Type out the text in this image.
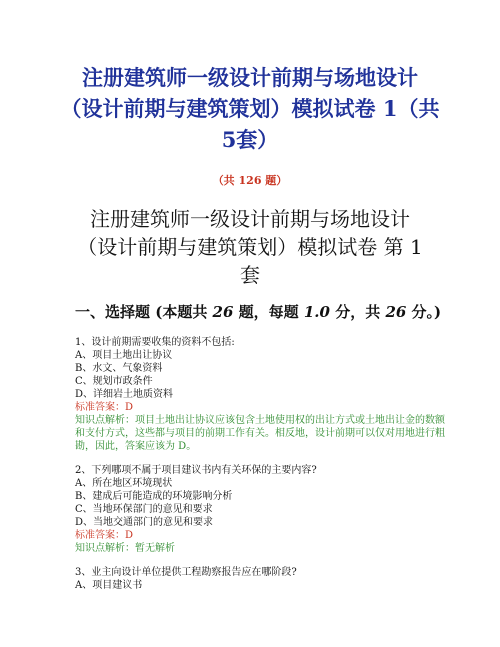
注册建筑师一级设计前期与场地设计
（设计前期与建筑策划）模拟试卷 1（共
5套）
（共 126 题）
注册建筑师一级设计前期与场地设计
（设计前期与建筑策划）模拟试卷 第 1
套
一、选择题 (本题共 26 题，每题 1.0 分，共 26 分。)
1、设计前期需要收集的资料不包括:
A、项目土地出让协议
B、水文、气象资料
C、规划市政条件
D、详细岩土地质资料
标准答案：D
知识点解析：项目土地出让协议应该包含土地使用权的出让方式或土地出让金的数额和支付方式，这些都与项目的前期工作有关。相反地，设计前期可以仅对用地进行粗勘，因此，答案应该为 D。
2、下列哪项不属于项目建议书内有关环保的主要内容?
A、所在地区环境现状
B、建成后可能造成的环境影响分析
C、当地环保部门的意见和要求
D、当地交通部门的意见和要求
标准答案：D
知识点解析：暂无解析
3、业主向设计单位提供工程勘察报告应在哪阶段?
A、项目建议书
